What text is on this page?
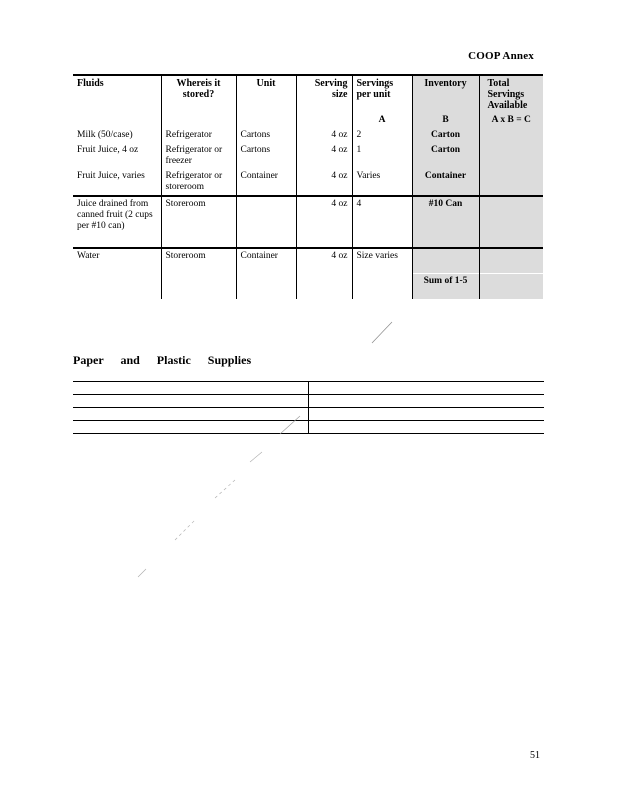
COOP Annex
Fluids	Whereis it stored?	Unit	Serving size	Servings per unit	Inventory	Total Servings Available
				A	B	A x B = C
Milk (50/case)	Refrigerator	Cartons	4 oz	2	Carton	
Fruit Juice, 4 oz	Refrigerator or freezer	Cartons	4 oz	1	Carton	
Fruit Juice, varies	Refrigerator or storeroom	Container	4 oz	Varies	Container	
Juice drained from canned fruit (2 cups per #10 can)	Storeroom		4 oz	4	#10 Can	
Water	Storeroom	Container	4 oz	Size varies		
					Sum of 1-5	
Paper and Plastic Supplies
51
